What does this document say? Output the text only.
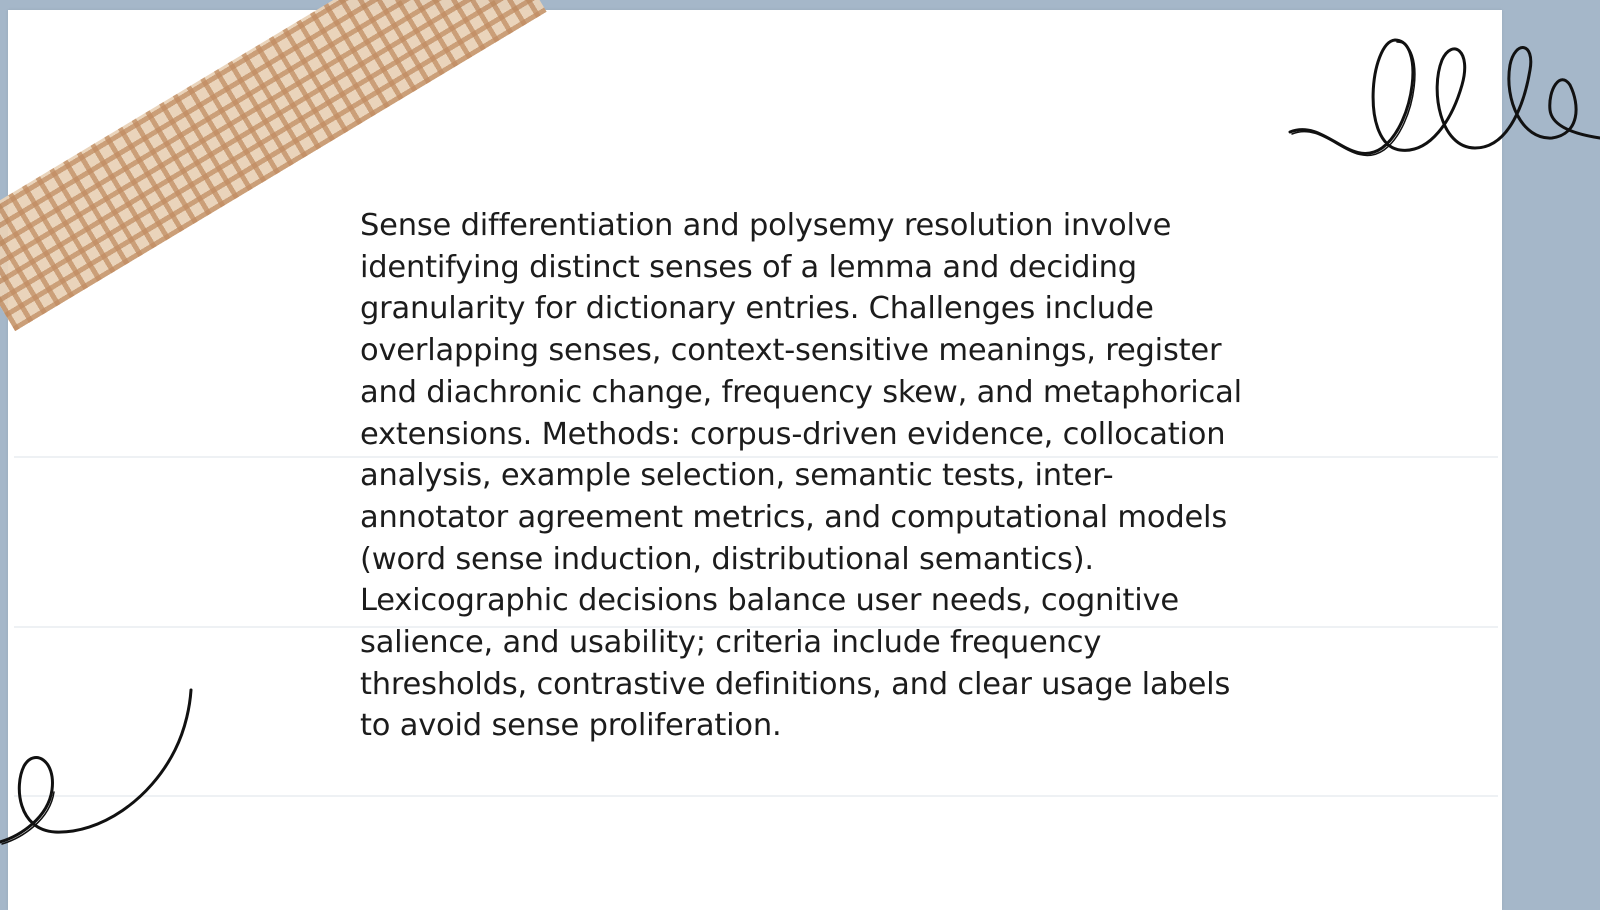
Sense differentiation and polysemy resolution involve identifying distinct senses of a lemma and deciding granularity for dictionary entries. Challenges include overlapping senses, context-sensitive meanings, register and diachronic change, frequency skew, and metaphorical extensions. Methods: corpus-driven evidence, collocation analysis, example selection, semantic tests, inter-annotator agreement metrics, and computational models (word sense induction, distributional semantics). Lexicographic decisions balance user needs, cognitive salience, and usability; criteria include frequency thresholds, contrastive definitions, and clear usage labels to avoid sense proliferation.
